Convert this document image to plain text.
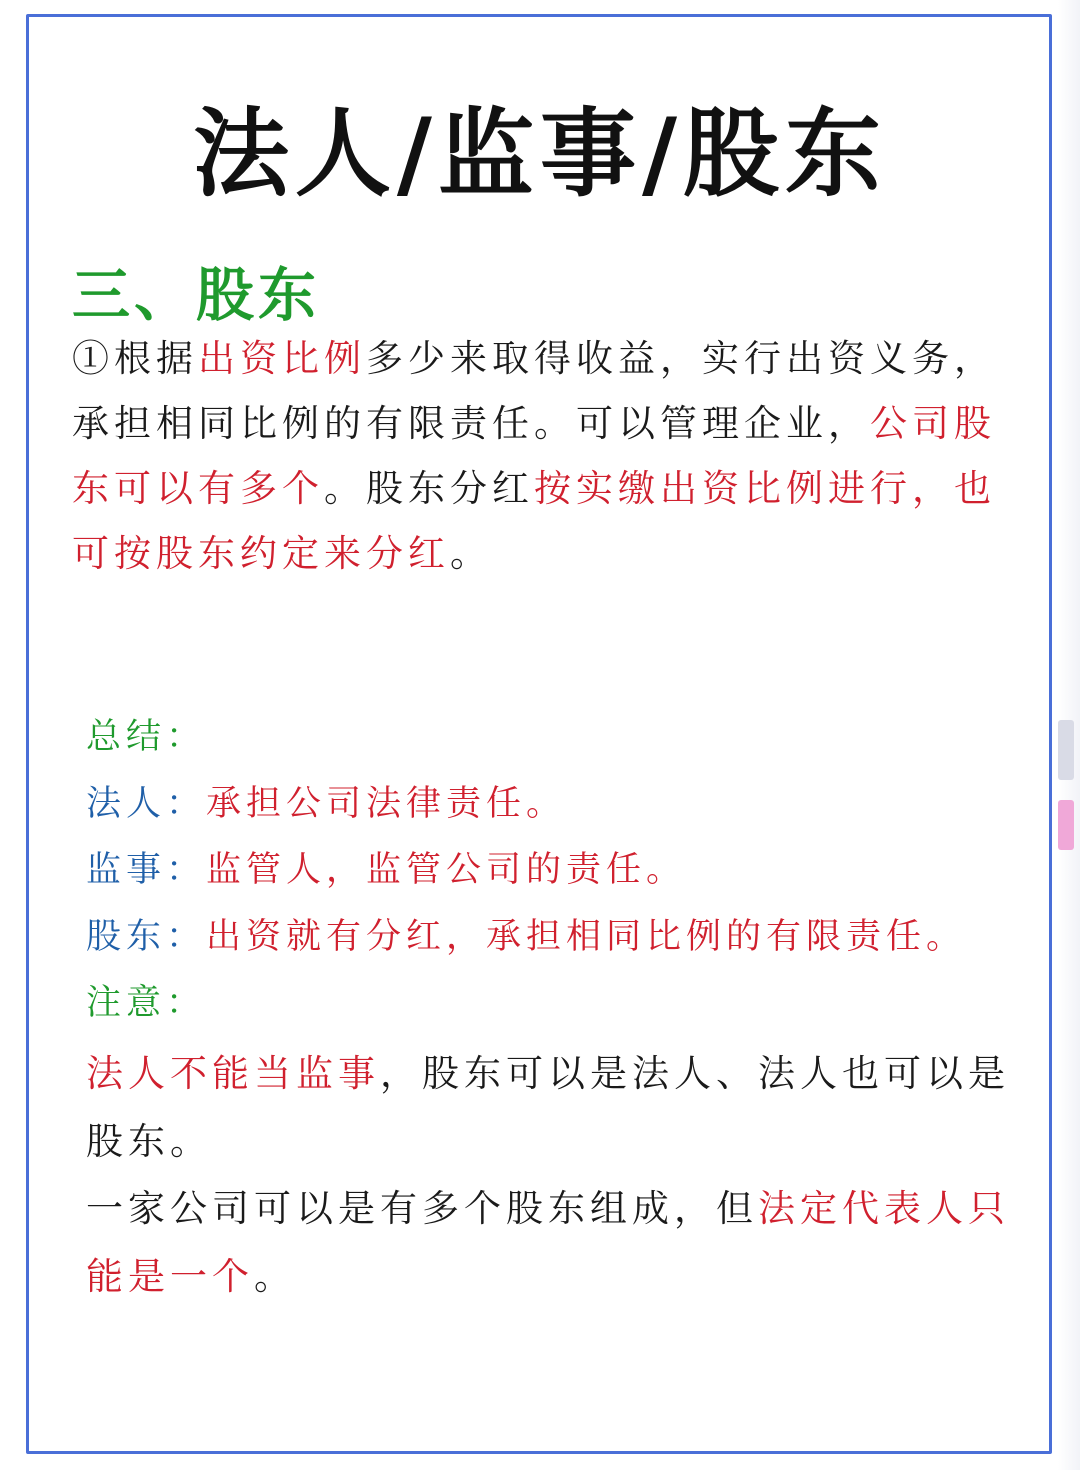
法人/监事/股东
三、股东
①根据出资比例多少来取得收益，实行出资义务，承担相同比例的有限责任。可以管理企业，公司股东可以有多个。股东分红按实缴出资比例进行，也可按股东约定来分红。
总结：
法人：承担公司法律责任。
监事：监管人，监管公司的责任。
股东：出资就有分红，承担相同比例的有限责任。
注意：
法人不能当监事，股东可以是法人、法人也可以是股东。
一家公司可以是有多个股东组成，但法定代表人只能是一个。
